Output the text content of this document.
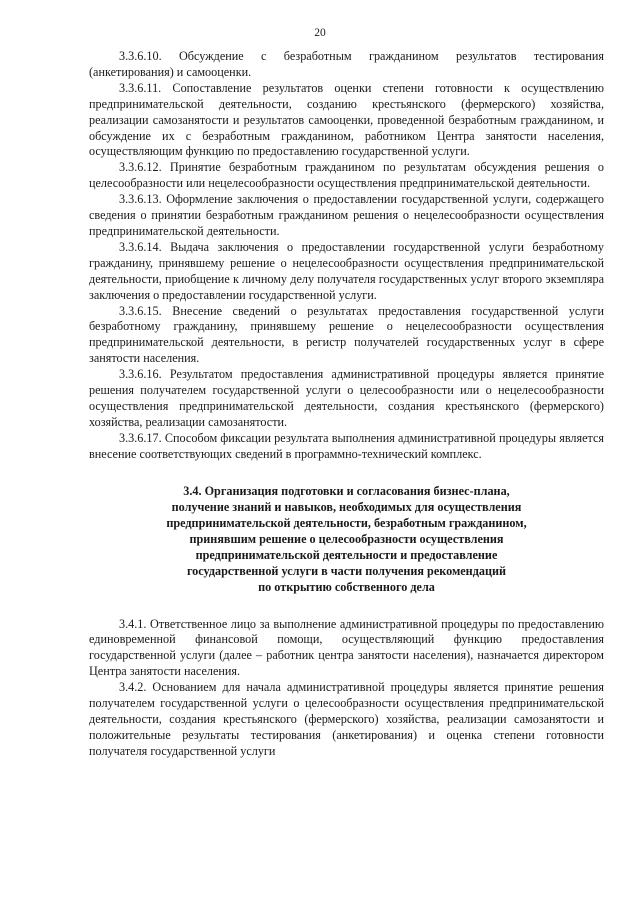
20

3.3.6.10. Обсуждение с безработным гражданином результатов тестирования (анкетирования) и самооценки.

3.3.6.11. Сопоставление результатов оценки степени готовности к осуществлению предпринимательской деятельности, созданию крестьянского (фермерского) хозяйства, реализации самозанятости и результатов самооценки, проведенной безработным гражданином, и обсуждение их с безработным гражданином, работником Центра занятости населения, осуществляющим функцию по предоставлению государственной услуги.

3.3.6.12. Принятие безработным гражданином по результатам обсуждения решения о целесообразности или нецелесообразности осуществления предпринимательской деятельности.

3.3.6.13. Оформление заключения о предоставлении государственной услуги, содержащего сведения о принятии безработным гражданином решения о нецелесообразности осуществления предпринимательской деятельности.

3.3.6.14. Выдача заключения о предоставлении государственной услуги безработному гражданину, принявшему решение о нецелесообразности осуществления предпринимательской деятельности, приобщение к личному делу получателя государственных услуг второго экземпляра заключения о предоставлении государственной услуги.

3.3.6.15. Внесение сведений о результатах предоставления государственной услуги безработному гражданину, принявшему решение о нецелесообразности осуществления предпринимательской деятельности, в регистр получателей государственных услуг в сфере занятости населения.

3.3.6.16. Результатом предоставления административной процедуры является принятие решения получателем государственной услуги о целесообразности или о нецелесообразности осуществления предпринимательской деятельности, создания крестьянского (фермерского) хозяйства, реализации самозанятости.

3.3.6.17. Способом фиксации результата выполнения административной процедуры является внесение соответствующих сведений в программно-технический комплекс.

3.4. Организация подготовки и согласования бизнес-плана,
получение знаний и навыков, необходимых для осуществления
предпринимательской деятельности, безработным гражданином,
принявшим решение о целесообразности осуществления
предпринимательской деятельности и предоставление
государственной услуги в части получения рекомендаций
по открытию собственного дела

3.4.1. Ответственное лицо за выполнение административной процедуры по предоставлению единовременной финансовой помощи, осуществляющий функцию предоставления государственной услуги (далее – работник центра занятости населения), назначается директором Центра занятости населения.

3.4.2. Основанием для начала административной процедуры является принятие решения получателем государственной услуги о целесообразности осуществления предпринимательской деятельности, создания крестьянского (фермерского) хозяйства, реализации самозанятости и положительные результаты тестирования (анкетирования) и оценка степени готовности получателя государственной услуги
